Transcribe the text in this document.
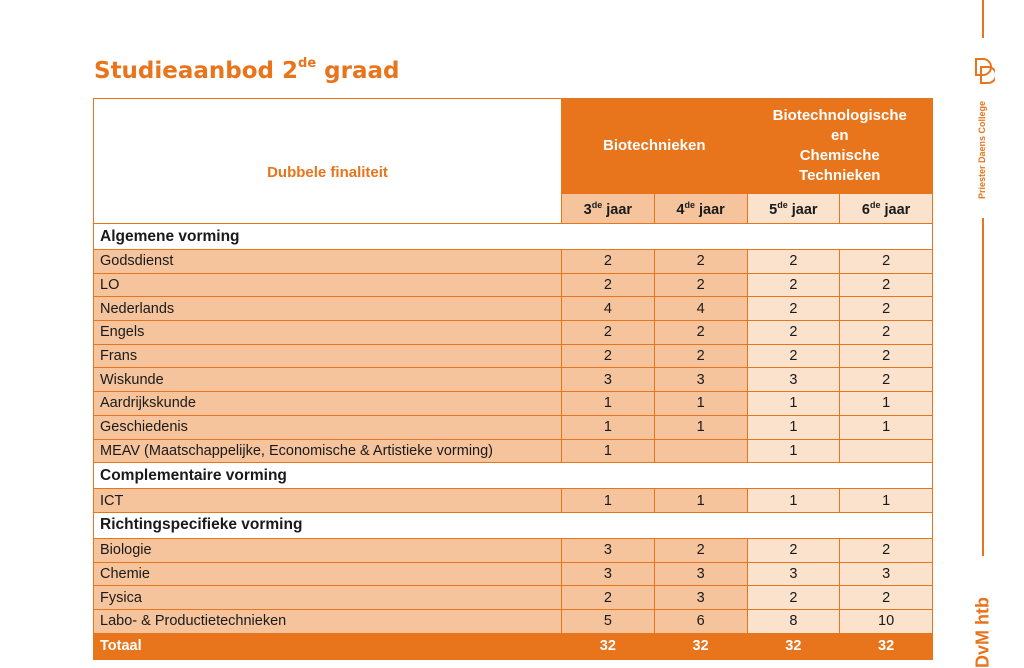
Studieaanbod 2de graad
Priester Daens College
DvM htb
Dubbele finaliteit	Biotechnieken		Biotechnologische
en
Chemische
Technieken	

	3de jaar	4de jaar	5de jaar	6de jaar
Algemene vorming				
Godsdienst	2	2	2	2
LO	2	2	2	2
Nederlands	4	4	2	2
Engels	2	2	2	2
Frans	2	2	2	2
Wiskunde	3	3	3	2
Aardrijkskunde	1	1	1	1
Geschiedenis	1	1	1	1
MEAV (Maatschappelijke, Economische & Artistieke vorming)	1		1	
Complementaire vorming				
ICT	1	1	1	1
Richtingspecifieke vorming				
Biologie	3	2	2	2
Chemie	3	3	3	3
Fysica	2	3	2	2
Labo- & Productietechnieken	5	6	8	10
Totaal	32	32	32	32
